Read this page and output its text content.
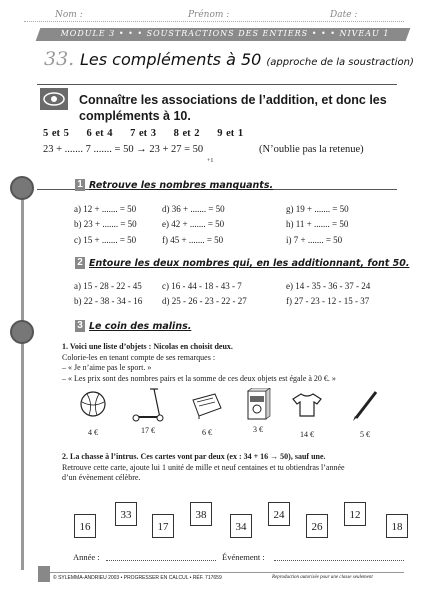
Nom :	Prénom :	Date :
MODULE 3 • • • SOUSTRACTIONS DES ENTIERS • • • NIVEAU 1
33. Les compléments à 50 (approche de la soustraction)
Connaître les associations de l’addition, et donc les compléments à 10.
5 et 5 6 et 4 7 et 3 8 et 2 9 et 1
23 + ....... 7 ....... = 50 → 23 + 27 = 50
+1
(N’oublie pas la retenue)
1 Retrouve les nombres manquants.
a) 12 + ....... = 50	d) 36 + ....... = 50	g) 19 + ....... = 50
b) 23 + ....... = 50	e) 42 + ....... = 50	h) 11 + ....... = 50
c) 15 + ....... = 50	f) 45 + ....... = 50	i) 7 + ....... = 50
2 Entoure les deux nombres qui, en les additionnant, font 50.
a) 15 - 28 - 22 - 45 c) 16 - 44 - 18 - 43 - 7	e) 14 - 35 - 36 - 37 - 24
b) 22 - 38 - 34 - 16 d) 25 - 26 - 23 - 22 - 27	f) 27 - 23 - 12 - 15 - 37
3 Le coin des malins.
1. Voici une liste d’objets : Nicolas en choisit deux.
Colorie-les en tenant compte de ses remarques :
– « Je n’aime pas le sport. »
– « Les prix sont des nombres pairs et la somme de ces deux objets est égale à 20 €. »
4 €	17 €	6 €	3 €
14 €	5 €
2. La chasse à l’intrus. Ces cartes vont par deux (ex : 34 + 16 → 50), sauf une.
Retrouve cette carte, ajoute lui 1 unité de mille et neuf centaines et tu obtiendras l’année
d’un évènement célèbre.
16
33
17
38
34
24
26
12
18
Année :	Événement :
© SYLEMMA-ANDRIEU 2003 • PROGRESSER EN CALCUL • RÉF. 717659	Reproduction autorisée pour une classe seulement
